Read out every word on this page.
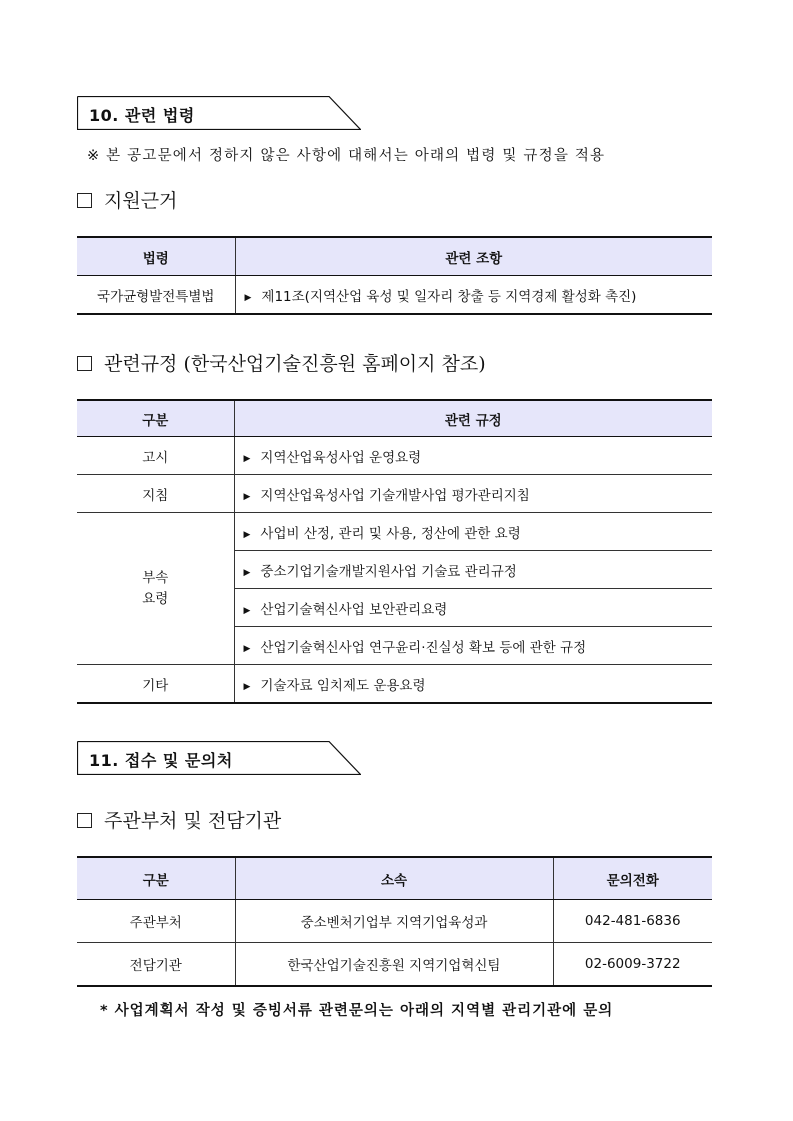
10. 관련 법령
※ 본 공고문에서 정하지 않은 사항에 대해서는 아래의 법령 및 규정을 적용
지원근거
법령	관련 조항
국가균형발전특별법	▶ 제11조(지역산업 육성 및 일자리 창출 등 지역경제 활성화 촉진)
관련규정 (한국산업기술진흥원 홈페이지 참조)
구분	관련 규정
고시	▶ 지역산업육성사업 운영요령
지침	▶ 지역산업육성사업 기술개발사업 평가관리지침
부속
요령	▶ 사업비 산정, 관리 및 사용, 정산에 관한 요령
	▶ 중소기업기술개발지원사업 기술료 관리규정
	▶ 산업기술혁신사업 보안관리요령
	▶ 산업기술혁신사업 연구윤리·진실성 확보 등에 관한 규정
기타	▶ 기술자료 임치제도 운용요령
11. 접수 및 문의처
주관부처 및 전담기관
구분	소속	문의전화
주관부처	중소벤처기업부 지역기업육성과	042-481-6836
전담기관	한국산업기술진흥원 지역기업혁신팀	02-6009-3722
* 사업계획서 작성 및 증빙서류 관련문의는 아래의 지역별 관리기관에 문의
